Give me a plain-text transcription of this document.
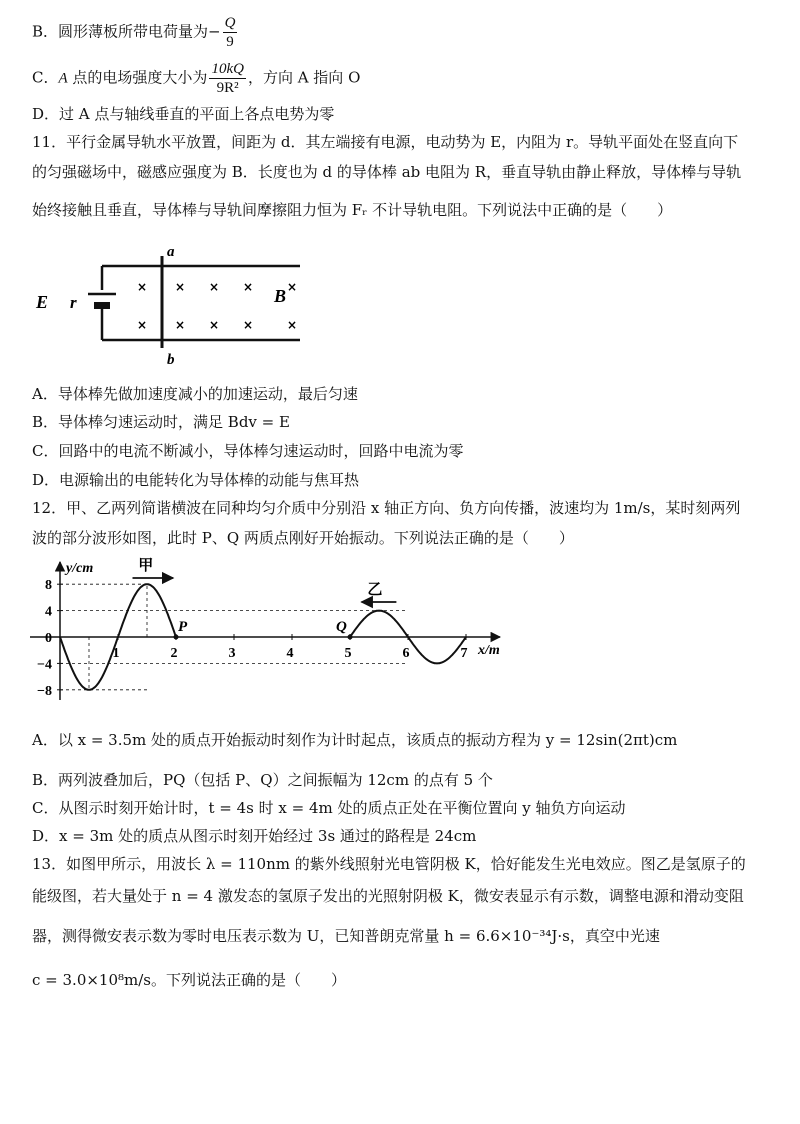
B．圆形薄板所带电荷量为− $\frac{Q}{9}$
C．A 点的电场强度大小为 $\frac{10kQ}{\text{9R²}}$ ，方向 A 指向 O
D．过 A 点与轴线垂直的平面上各点电势为零
11．平行金属导轨水平放置，间距为 d．其左端接有电源，电动势为 E，内阻为 r。导轨平面处在竖直向下
的匀强磁场中，磁感应强度为 B．长度也为 d 的导体棒 ab 电阻为 R，垂直导轨由静止释放，导体棒与导轨
始终接触且垂直，导体棒与导轨间摩擦阻力恒为 Fᵣ 不计导轨电阻。下列说法中正确的是（　　）
a
b
E r	B
× × × ×	×
× × × ×	×
A．导体棒先做加速度减小的加速运动，最后匀速
B．导体棒匀速运动时，满足 Bdv = E
C．回路中的电流不断减小，导体棒匀速运动时，回路中电流为零
D．电源输出的电能转化为导体棒的动能与焦耳热
12．甲、乙两列简谐横波在同种均匀介质中分别沿 x 轴正方向、负方向传播，波速均为 1m/s，某时刻两列
波的部分波形如图，此时 P、Q 两质点刚好开始振动。下列说法正确的是（　　）
y/cm
x/m
8
4
0
−4
−8
1	2	3	4	5	6	7
甲
乙
P	Q
A．以 x = 3.5m 处的质点开始振动时刻作为计时起点，该质点的振动方程为 y = 12sin(2πt)cm
B．两列波叠加后，PQ（包括 P、Q）之间振幅为 12cm 的点有 5 个
C．从图示时刻开始计时，t = 4s 时 x = 4m 处的质点正处在平衡位置向 y 轴负方向运动
D．x = 3m 处的质点从图示时刻开始经过 3s 通过的路程是 24cm
13．如图甲所示，用波长 λ = 110nm 的紫外线照射光电管阴极 K，恰好能发生光电效应。图乙是氢原子的
能级图，若大量处于 n = 4 激发态的氢原子发出的光照射阴极 K，微安表显示有示数，调整电源和滑动变阻
器，测得微安表示数为零时电压表示数为 U，已知普朗克常量 h = 6.6×10⁻³⁴J·s，真空中光速
c = 3.0×10⁸m/s。下列说法正确的是（　　）
